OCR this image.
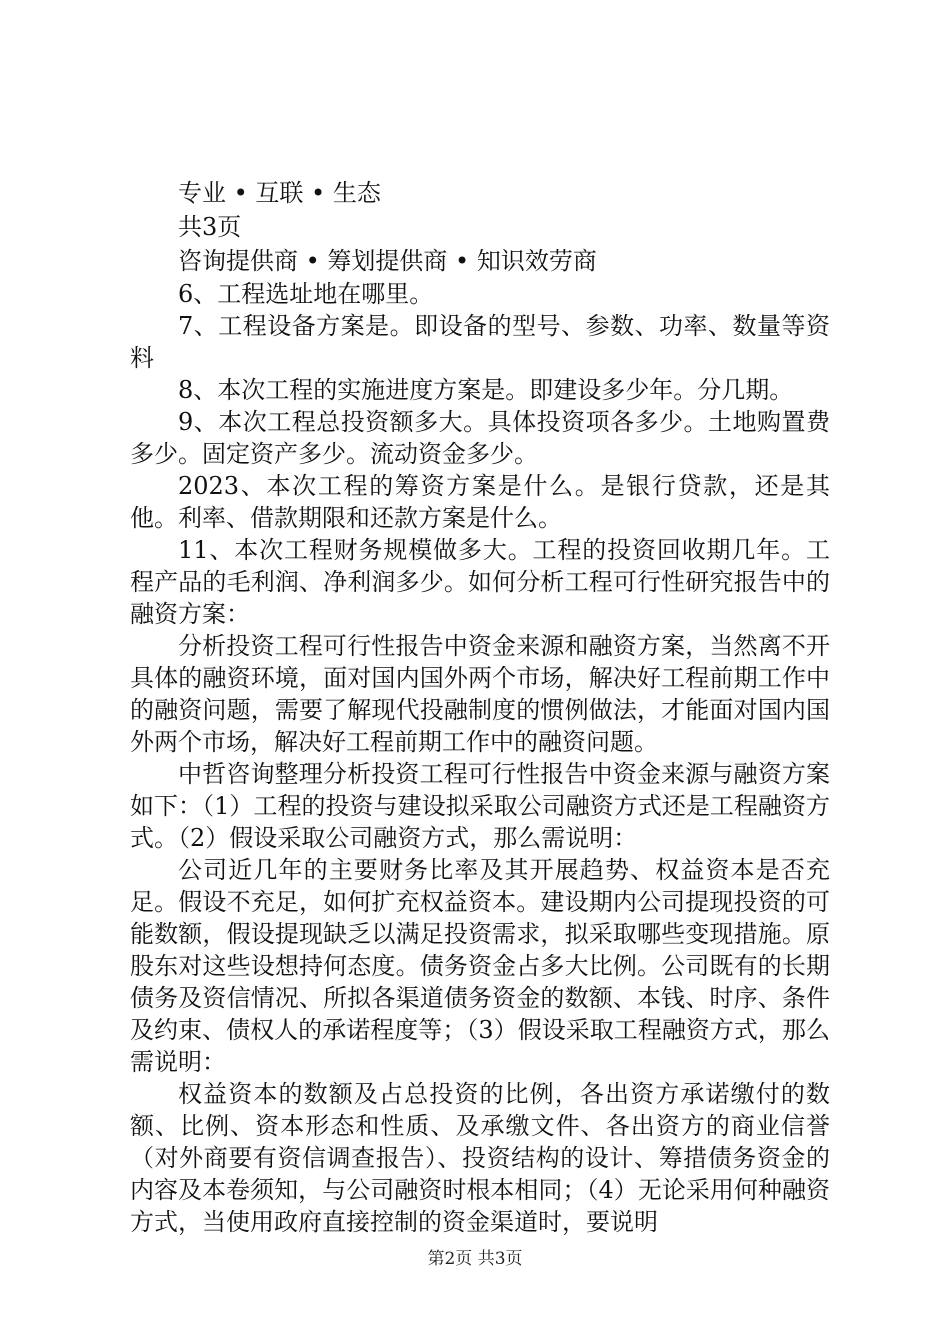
专业 • 互联 • 生态
共3页
咨询提供商 • 筹划提供商 • 知识效劳商

6、工程选址地在哪里。

7、工程设备方案是。即设备的型号、参数、功率、数量等资料

8、本次工程的实施进度方案是。即建设多少年。分几期。

9、本次工程总投资额多大。具体投资项各多少。土地购置费多少。固定资产多少。流动资金多少。

2023、本次工程的筹资方案是什么。是银行贷款，还是其他。利率、借款期限和还款方案是什么。

11、本次工程财务规模做多大。工程的投资回收期几年。工程产品的毛利润、净利润多少。如何分析工程可行性研究报告中的融资方案：

分析投资工程可行性报告中资金来源和融资方案，当然离不开具体的融资环境，面对国内国外两个市场，解决好工程前期工作中的融资问题，需要了解现代投融制度的惯例做法，才能面对国内国外两个市场，解决好工程前期工作中的融资问题。

中哲咨询整理分析投资工程可行性报告中资金来源与融资方案如下：（1）工程的投资与建设拟采取公司融资方式还是工程融资方式。（2）假设采取公司融资方式，那么需说明：

公司近几年的主要财务比率及其开展趋势、权益资本是否充足。假设不充足，如何扩充权益资本。建设期内公司提现投资的可能数额，假设提现缺乏以满足投资需求，拟采取哪些变现措施。原股东对这些设想持何态度。债务资金占多大比例。公司既有的长期债务及资信情况、所拟各渠道债务资金的数额、本钱、时序、条件及约束、债权人的承诺程度等；（3）假设采取工程融资方式，那么需说明：

权益资本的数额及占总投资的比例，各出资方承诺缴付的数额、比例、资本形态和性质、及承缴文件、各出资方的商业信誉（对外商要有资信调查报告）、投资结构的设计、筹措债务资金的内容及本卷须知，与公司融资时根本相同；（4）无论采用何种融资方式，当使用政府直接控制的资金渠道时，要说明

第2页 共3页
